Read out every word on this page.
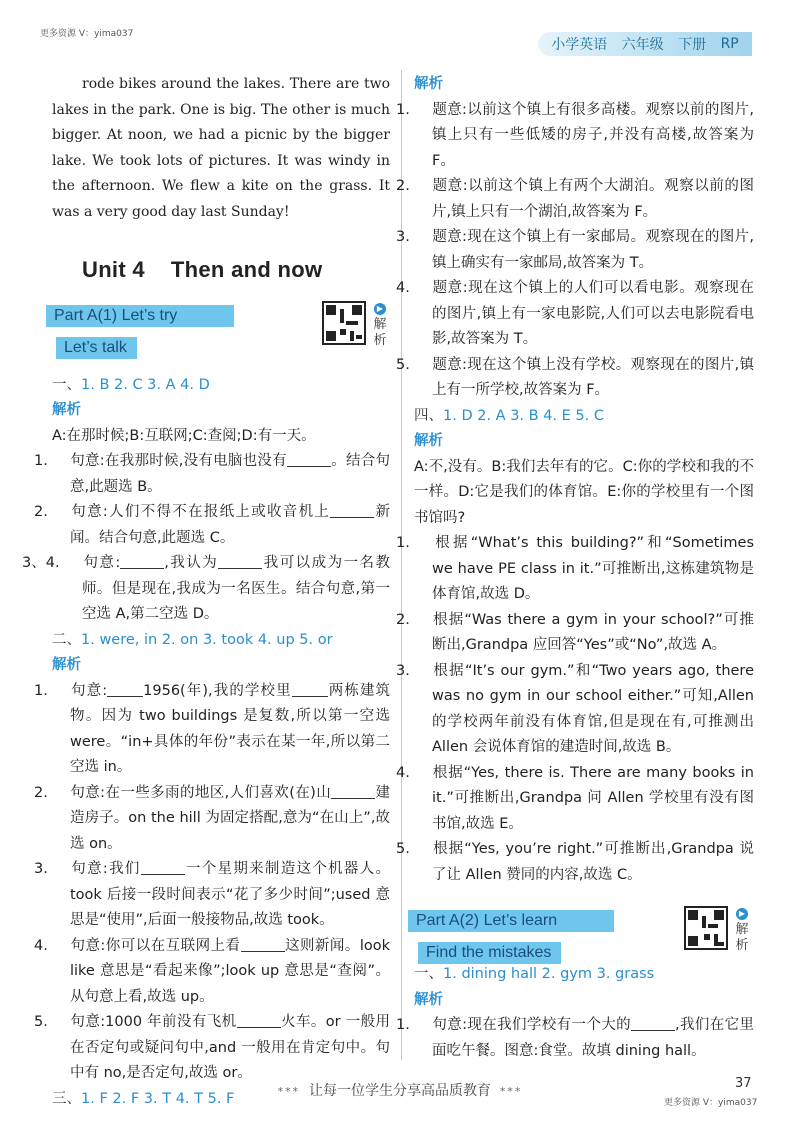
更多资源 V：yima037
小学英语 六年级 下册 RP

rode bikes around the lakes. There are two lakes in the park. One is big. The other is much bigger. At noon, we had a picnic by the bigger lake. We took lots of pictures. It was windy in the afternoon. We flew a kite on the grass. It was a very good day last Sunday!

Unit 4 Then and now
Part A(1) Let’s try
Let’s talk
▶
解
析

一、1. B 2. C 3. A 4. D

解析

A:在那时候;B:互联网;C:查阅;D:有一天。

1. 句意:在我那时候,没有电脑也没有	。结合句意,此题选 B。

2. 句意:人们不得不在报纸上或收音机上	新闻。结合句意,此题选 C。

3、4. 句意:	,我认为	我可以成为一名教师。但是现在,我成为一名医生。结合句意,第一空选 A,第二空选 D。

二、1. were, in 2. on 3. took 4. up 5. or

解析

1. 句意: 1956(年),我的学校里 两栋建筑物。因为 two buildings 是复数,所以第一空选 were。“in+具体的年份”表示在某一年,所以第二空选 in。

2. 句意:在一些多雨的地区,人们喜欢(在)山	建造房子。on the hill 为固定搭配,意为“在山上”,故选 on。

3. 句意:我们	一个星期来制造这个机器人。took 后接一段时间表示“花了多少时间”;used 意思是“使用”,后面一般接物品,故选 took。

4. 句意:你可以在互联网上看	这则新闻。look like 意思是“看起来像”;look up 意思是“查阅”。从句意上看,故选 up。

5. 句意:1000 年前没有飞机	火车。or 一般用在否定句或疑问句中,and 一般用在肯定句中。句中有 no,是否定句,故选 or。

三、1. F 2. F 3. T 4. T 5. F

解析

1. 题意:以前这个镇上有很多高楼。观察以前的图片,镇上只有一些低矮的房子,并没有高楼,故答案为 F。

2. 题意:以前这个镇上有两个大湖泊。观察以前的图片,镇上只有一个湖泊,故答案为 F。

3. 题意:现在这个镇上有一家邮局。观察现在的图片,镇上确实有一家邮局,故答案为 T。

4. 题意:现在这个镇上的人们可以看电影。观察现在的图片,镇上有一家电影院,人们可以去电影院看电影,故答案为 T。

5. 题意:现在这个镇上没有学校。观察现在的图片,镇上有一所学校,故答案为 F。

四、1. D 2. A 3. B 4. E 5. C

解析

A:不,没有。B:我们去年有的它。C:你的学校和我的不一样。D:它是我们的体育馆。E:你的学校里有一个图书馆吗?

1. 根据“What’s this building?”和“Sometimes we have PE class in it.”可推断出,这栋建筑物是体育馆,故选 D。

2. 根据“Was there a gym in your school?”可推断出,Grandpa 应回答“Yes”或“No”,故选 A。

3. 根据“It’s our gym.”和“Two years ago, there was no gym in our school either.”可知,Allen 的学校两年前没有体育馆,但是现在有,可推测出 Allen 会说体育馆的建造时间,故选 B。

4. 根据“Yes, there is. There are many books in it.”可推断出,Grandpa 问 Allen 学校里有没有图书馆,故选 E。

5. 根据“Yes, you’re right.”可推断出,Grandpa 说了让 Allen 赞同的内容,故选 C。

Part A(2) Let’s learn
Find the mistakes
▶
解
析

一、1. dining hall 2. gym 3. grass

解析

1. 句意:现在我们学校有一个大的	,我们在它里面吃午餐。图意:食堂。故填 dining hall。

*** 让每一位学生分享高品质教育 ***
37
更多资源 V：yima037
